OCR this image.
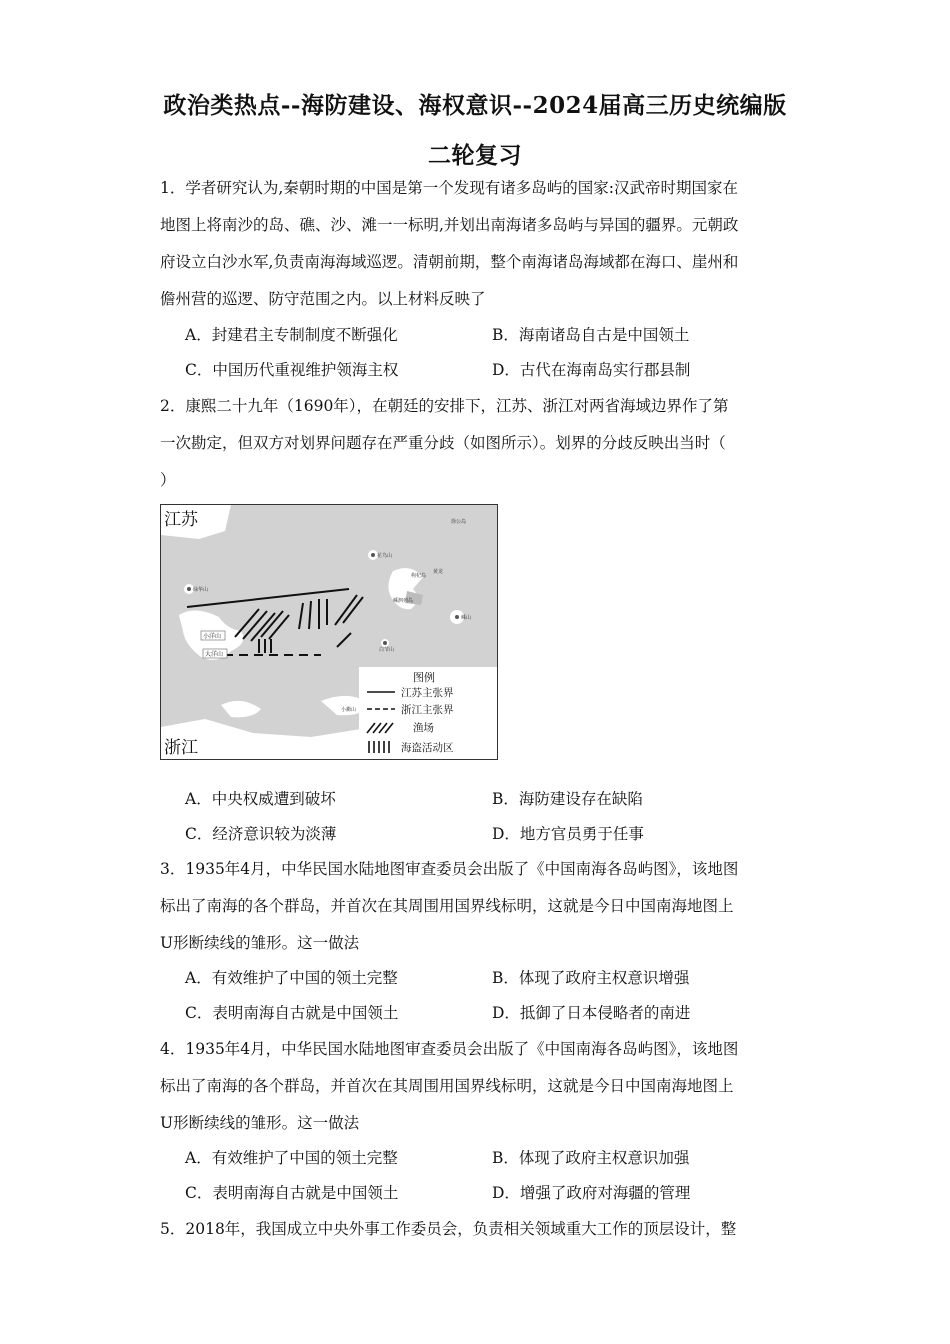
政治类热点--海防建设、海权意识--2024届高三历史统编版
二轮复习
1．学者研究认为,秦朝时期的中国是第一个发现有诸多岛屿的国家:汉武帝时期国家在
地图上将南沙的岛、礁、沙、滩一一标明,并划出南海诸多岛屿与异国的疆界。元朝政
府设立白沙水军,负责南海海域巡逻。清朝前期，整个南海诸岛海域都在海口、崖州和
儋州营的巡逻、防守范围之内。以上材料反映了
A．封建君主专制制度不断强化	B．海南诸岛自古是中国领土
C．中国历代重视维护领海主权	D．古代在海南岛实行郡县制
2．康熙二十九年（1690年），在朝廷的安排下，江苏、浙江对两省海域边界作了第
一次勘定，但双方对划界问题存在严重分歧（如图所示）。划界的分歧反映出当时（
）
江苏
浙江
嵊泗列岛
小洋山
大洋山
花鸟山
绿华山
嵊山
枸杞岛
黄龙
白节山
小衢山
徐公岛
图例
江苏主张界
浙江主张界
渔场
海盗活动区
A．中央权威遭到破坏	B．海防建设存在缺陷
C．经济意识较为淡薄	D．地方官员勇于任事
3．1935年4月，中华民国水陆地图审查委员会出版了《中国南海各岛屿图》，该地图
标出了南海的各个群岛，并首次在其周围用国界线标明，这就是今日中国南海地图上
U形断续线的雏形。这一做法
A．有效维护了中国的领土完整	B．体现了政府主权意识增强
C．表明南海自古就是中国领土	D．抵御了日本侵略者的南进
4．1935年4月，中华民国水陆地图审查委员会出版了《中国南海各岛屿图》，该地图
标出了南海的各个群岛，并首次在其周围用国界线标明，这就是今日中国南海地图上
U形断续线的雏形。这一做法
A．有效维护了中国的领土完整	B．体现了政府主权意识加强
C．表明南海自古就是中国领土	D．增强了政府对海疆的管理
5．2018年，我国成立中央外事工作委员会，负责相关领域重大工作的顶层设计，整
